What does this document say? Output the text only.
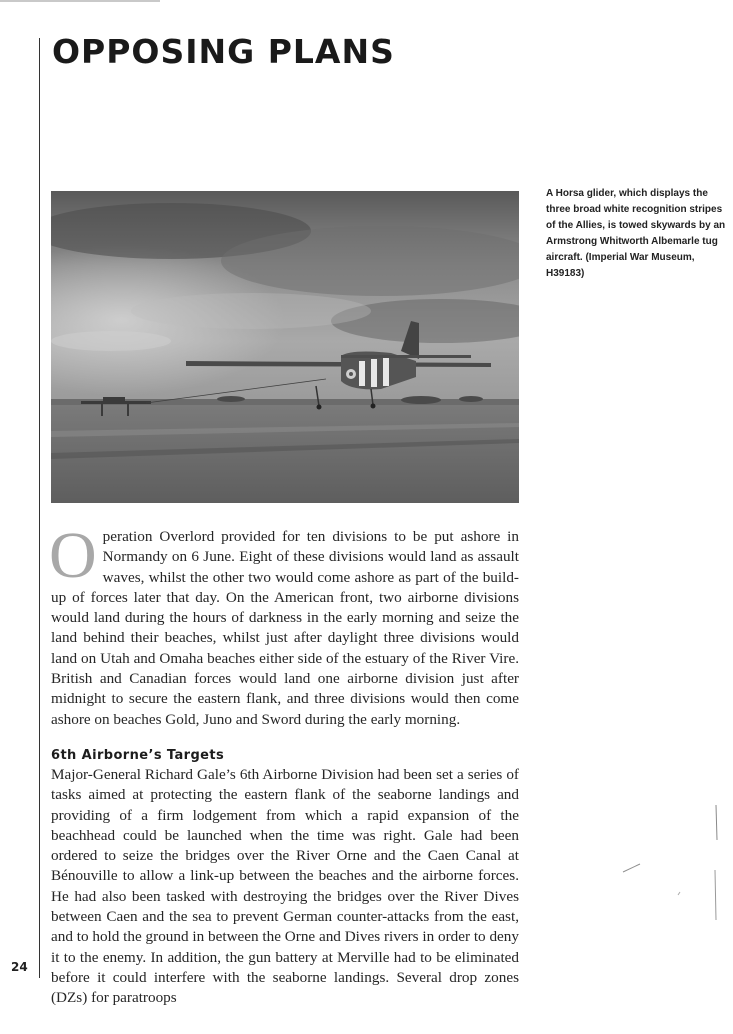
OPPOSING PLANS
A Horsa glider, which displays the three broad white recognition stripes of the Allies, is towed skywards by an Armstrong Whitworth Albemarle tug aircraft. (Imperial War Museum, H39183)

Operation Overlord provided for ten divisions to be put ashore in Normandy on 6 June. Eight of these divisions would land as assault waves, whilst the other two would come ashore as part of the build-up of forces later that day. On the American front, two airborne divisions would land during the hours of darkness in the early morning and seize the land behind their beaches, whilst just after daylight three divisions would land on Utah and Omaha beaches either side of the estuary of the River Vire. British and Canadian forces would land one airborne division just after midnight to secure the eastern flank, and three divisions would then come ashore on beaches Gold, Juno and Sword during the early morning.

6th Airborne’s Targets

Major-General Richard Gale’s 6th Airborne Division had been set a series of tasks aimed at protecting the eastern flank of the seaborne landings and providing of a firm lodgement from which a rapid expansion of the beachhead could be launched when the time was right. Gale had been ordered to seize the bridges over the River Orne and the Caen Canal at Bénouville to allow a link-up between the beaches and the airborne forces. He had also been tasked with destroying the bridges over the River Dives between Caen and the sea to prevent German counter-attacks from the east, and to hold the ground in between the Orne and Dives rivers in order to deny it to the enemy. In addition, the gun battery at Merville had to be eliminated before it could interfere with the seaborne landings. Several drop zones (DZs) for paratroops

24
